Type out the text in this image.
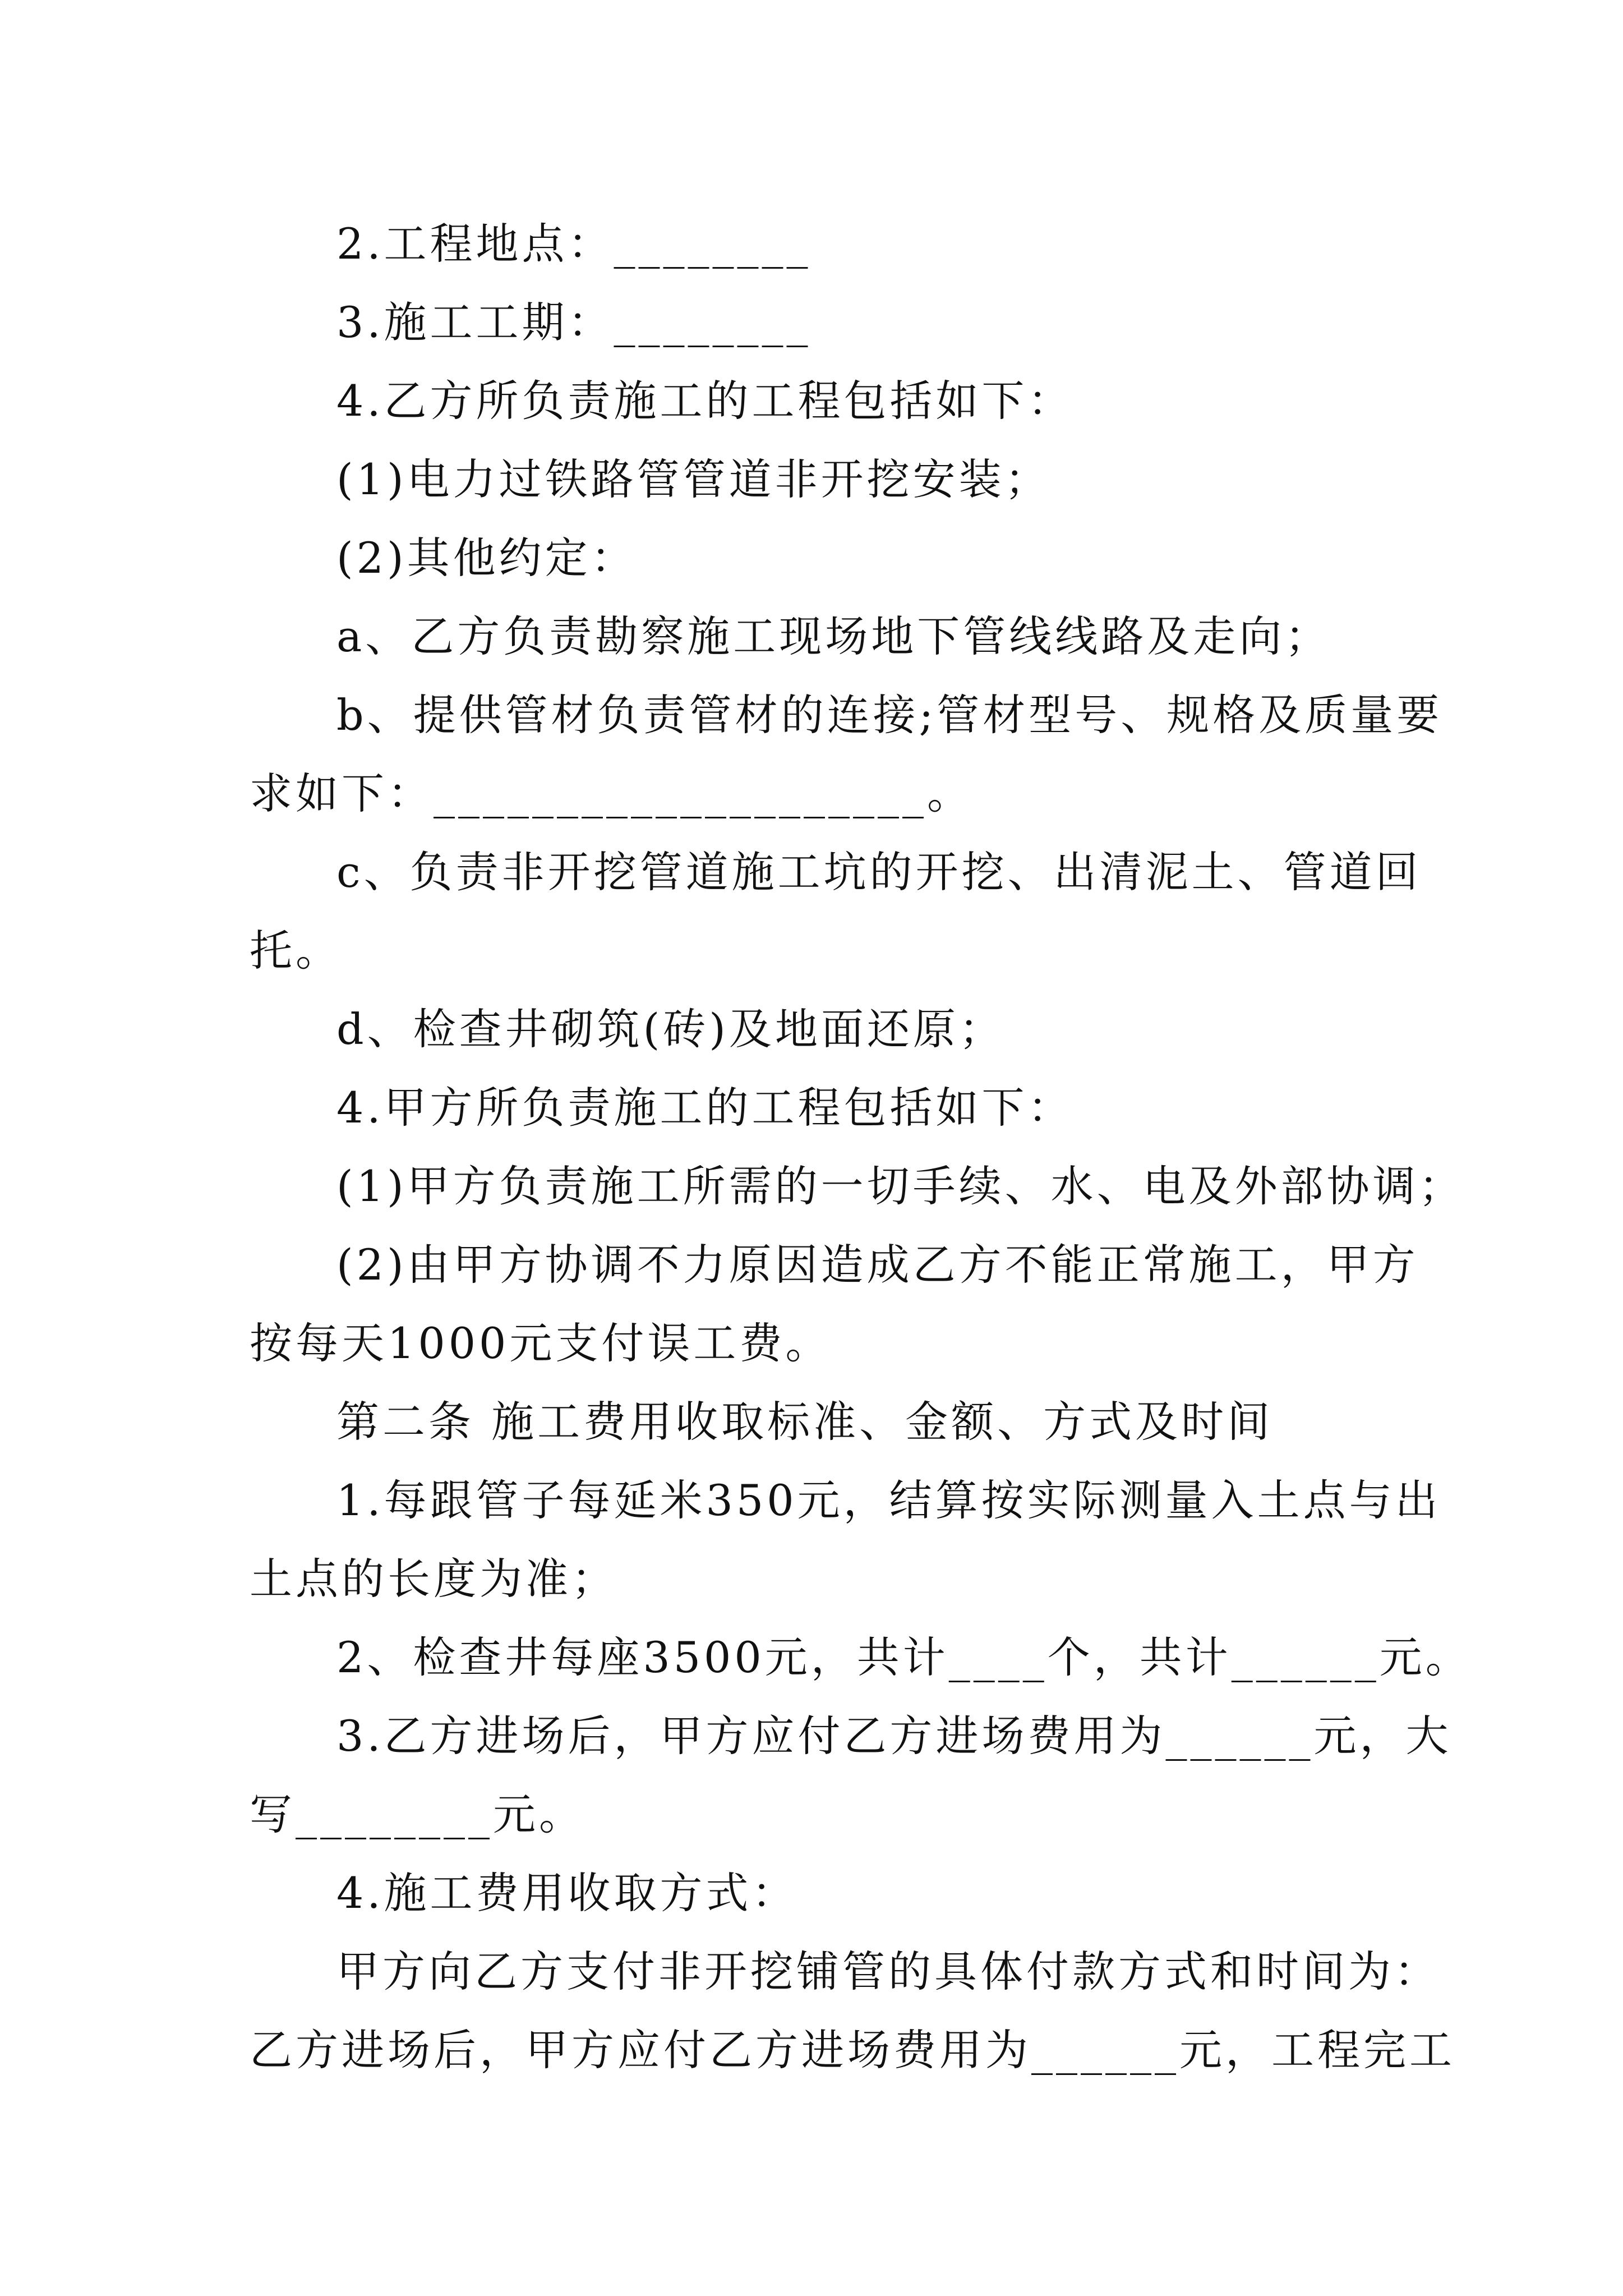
2.工程地点：________
3.施工工期：________
4.乙方所负责施工的工程包括如下：
(1)电力过铁路管管道非开挖安装；
(2)其他约定：
a、乙方负责勘察施工现场地下管线线路及走向；
b、提供管材负责管材的连接;管材型号、规格及质量要
求如下：____________________。
c、负责非开挖管道施工坑的开挖、出清泥土、管道回
托。
d、检查井砌筑(砖)及地面还原；
4.甲方所负责施工的工程包括如下：
(1)甲方负责施工所需的一切手续、水、电及外部协调；
(2)由甲方协调不力原因造成乙方不能正常施工，甲方
按每天1000元支付误工费。
第二条 施工费用收取标准、金额、方式及时间
1.每跟管子每延米350元，结算按实际测量入土点与出
土点的长度为准；
2、检查井每座3500元，共计____个，共计______元。
3.乙方进场后，甲方应付乙方进场费用为______元，大
写________元。
4.施工费用收取方式：
甲方向乙方支付非开挖铺管的具体付款方式和时间为：
乙方进场后，甲方应付乙方进场费用为______元，工程完工
